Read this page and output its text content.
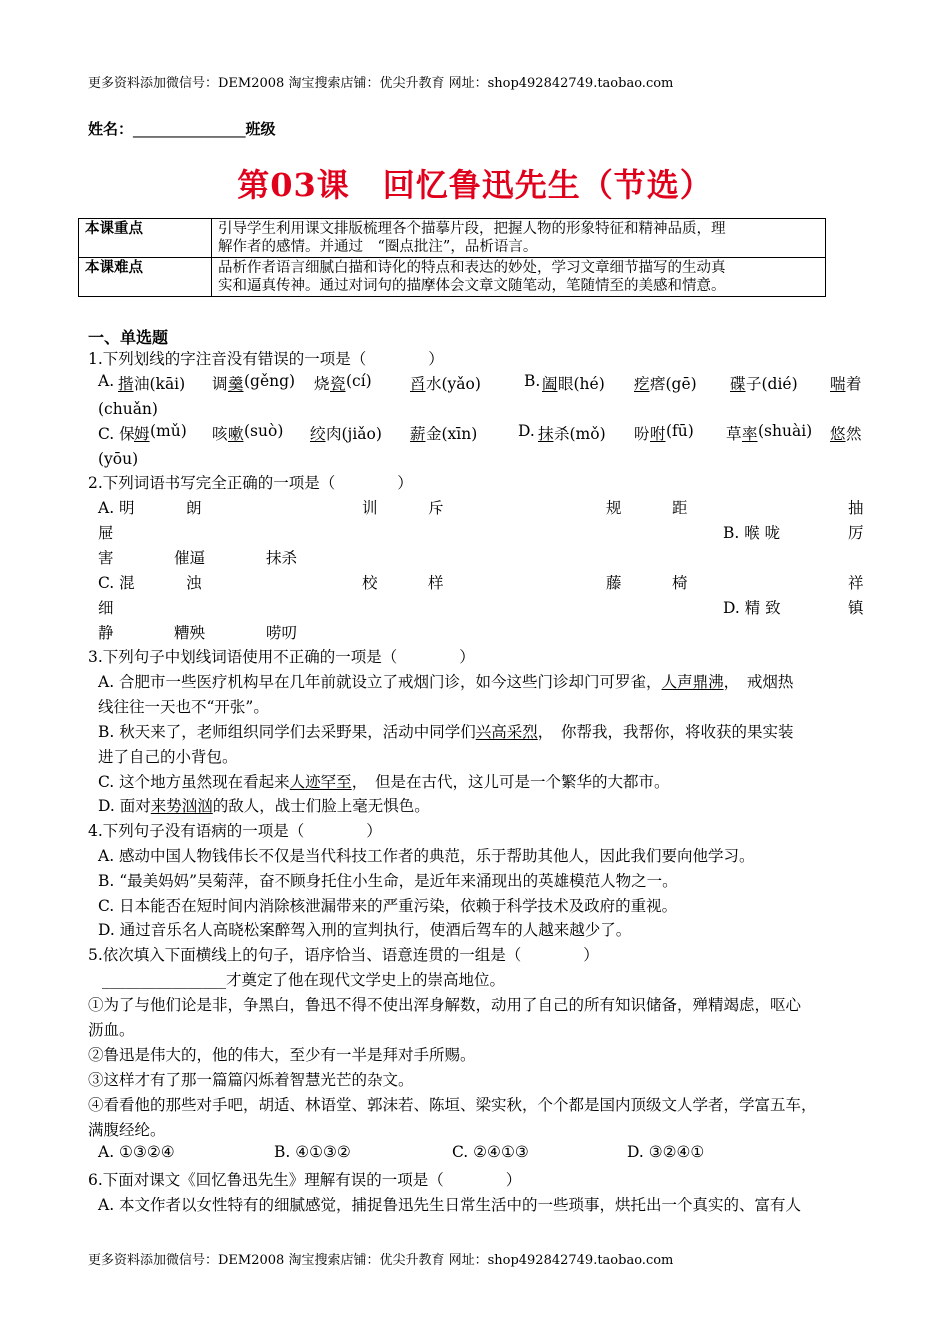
更多资料添加微信号：DEM2008 淘宝搜索店铺：优尖升教育 网址：shop492842749.taobao.com
更多资料添加微信号：DEM2008 淘宝搜索店铺：优尖升教育 网址：shop492842749.taobao.com
姓名：_______________班级
第03课　回忆鲁迅先生（节选）
本课重点	引导学生利用课文排版梳理各个描摹片段，把握人物的形象特征和精神品质，理
解作者的感情。并通过　“圈点批注”，品析语言。

本课难点	品析作者语言细腻白描和诗化的特点和表达的妙处，学习文章细节描写的生动真
实和逼真传神。通过对词句的描摩体会文章文随笔动，笔随情至的美感和情意。
一、单选题
1.下列划线的字注音没有错误的一项是（　　　　）
A. 揩 油(kāi) 调 羹 (gěng) 烧 瓷 (cí) 舀 水(yǎo)	B. 阖 眼(hé) 疙 瘩(gē) 碟 子(dié) 喘 着
(chuǎn)
C. 保 姆 (mǔ) 咳 嗽 (suò) 绞 肉(jiǎo) 薪 金(xīn)	D. 抹 杀(mǒ) 吩 咐 (fū) 草 率 (shuài) 悠 然
(yōu)
2.下列词语书写完全正确的一项是（　　　　）
A. 明	朗	训	斥	规	距	抽
屉	B. 喉 咙	厉
害	催逼	抹杀
C. 混	浊	校	样	藤	椅	祥
细	D. 精 致	镇
静	糟殃	唠叨
3.下列句子中划线词语使用不正确的一项是（　　　　）
A. 合肥市一些医疗机构早在几年前就设立了戒烟门诊，如今这些门诊却门可罗雀，人声鼎沸，　戒烟热
线往往一天也不“开张”。
B. 秋天来了，老师组织同学们去采野果，活动中同学们兴高采烈，　你帮我，我帮你，将收获的果实装
进了自己的小背包。
C. 这个地方虽然现在看起来人迹罕至，　但是在古代，这儿可是一个繁华的大都市。
D. 面对来势汹汹的敌人，战士们脸上毫无惧色。
4.下列句子没有语病的一项是（　　　　）
A. 感动中国人物钱伟长不仅是当代科技工作者的典范，乐于帮助其他人，因此我们要向他学习。
B. “最美妈妈”吴菊萍，奋不顾身托住小生命，是近年来涌现出的英雄模范人物之一。
C. 日本能否在短时间内消除核泄漏带来的严重污染，依赖于科学技术及政府的重视。
D. 通过音乐名人高晓松案醉驾入刑的宣判执行，使酒后驾车的人越来越少了。
5.依次填入下面横线上的句子，语序恰当、语意连贯的一组是（　　　　）
________________才奠定了他在现代文学史上的崇高地位。
①为了与他们论是非，争黑白，鲁迅不得不使出浑身解数，动用了自己的所有知识储备，殚精竭虑，呕心
沥血。
②鲁迅是伟大的，他的伟大，至少有一半是拜对手所赐。
③这样才有了那一篇篇闪烁着智慧光芒的杂文。
④看看他的那些对手吧，胡适、林语堂、郭沫若、陈垣、梁实秋，个个都是国内顶级文人学者，学富五车，
满腹经纶。
A. ①③②④	B. ④①③②	C. ②④①③	D. ③②④①
6.下面对课文《回忆鲁迅先生》理解有误的一项是（　　　　）
A. 本文作者以女性特有的细腻感觉，捕捉鲁迅先生日常生活中的一些琐事，烘托出一个真实的、富有人
